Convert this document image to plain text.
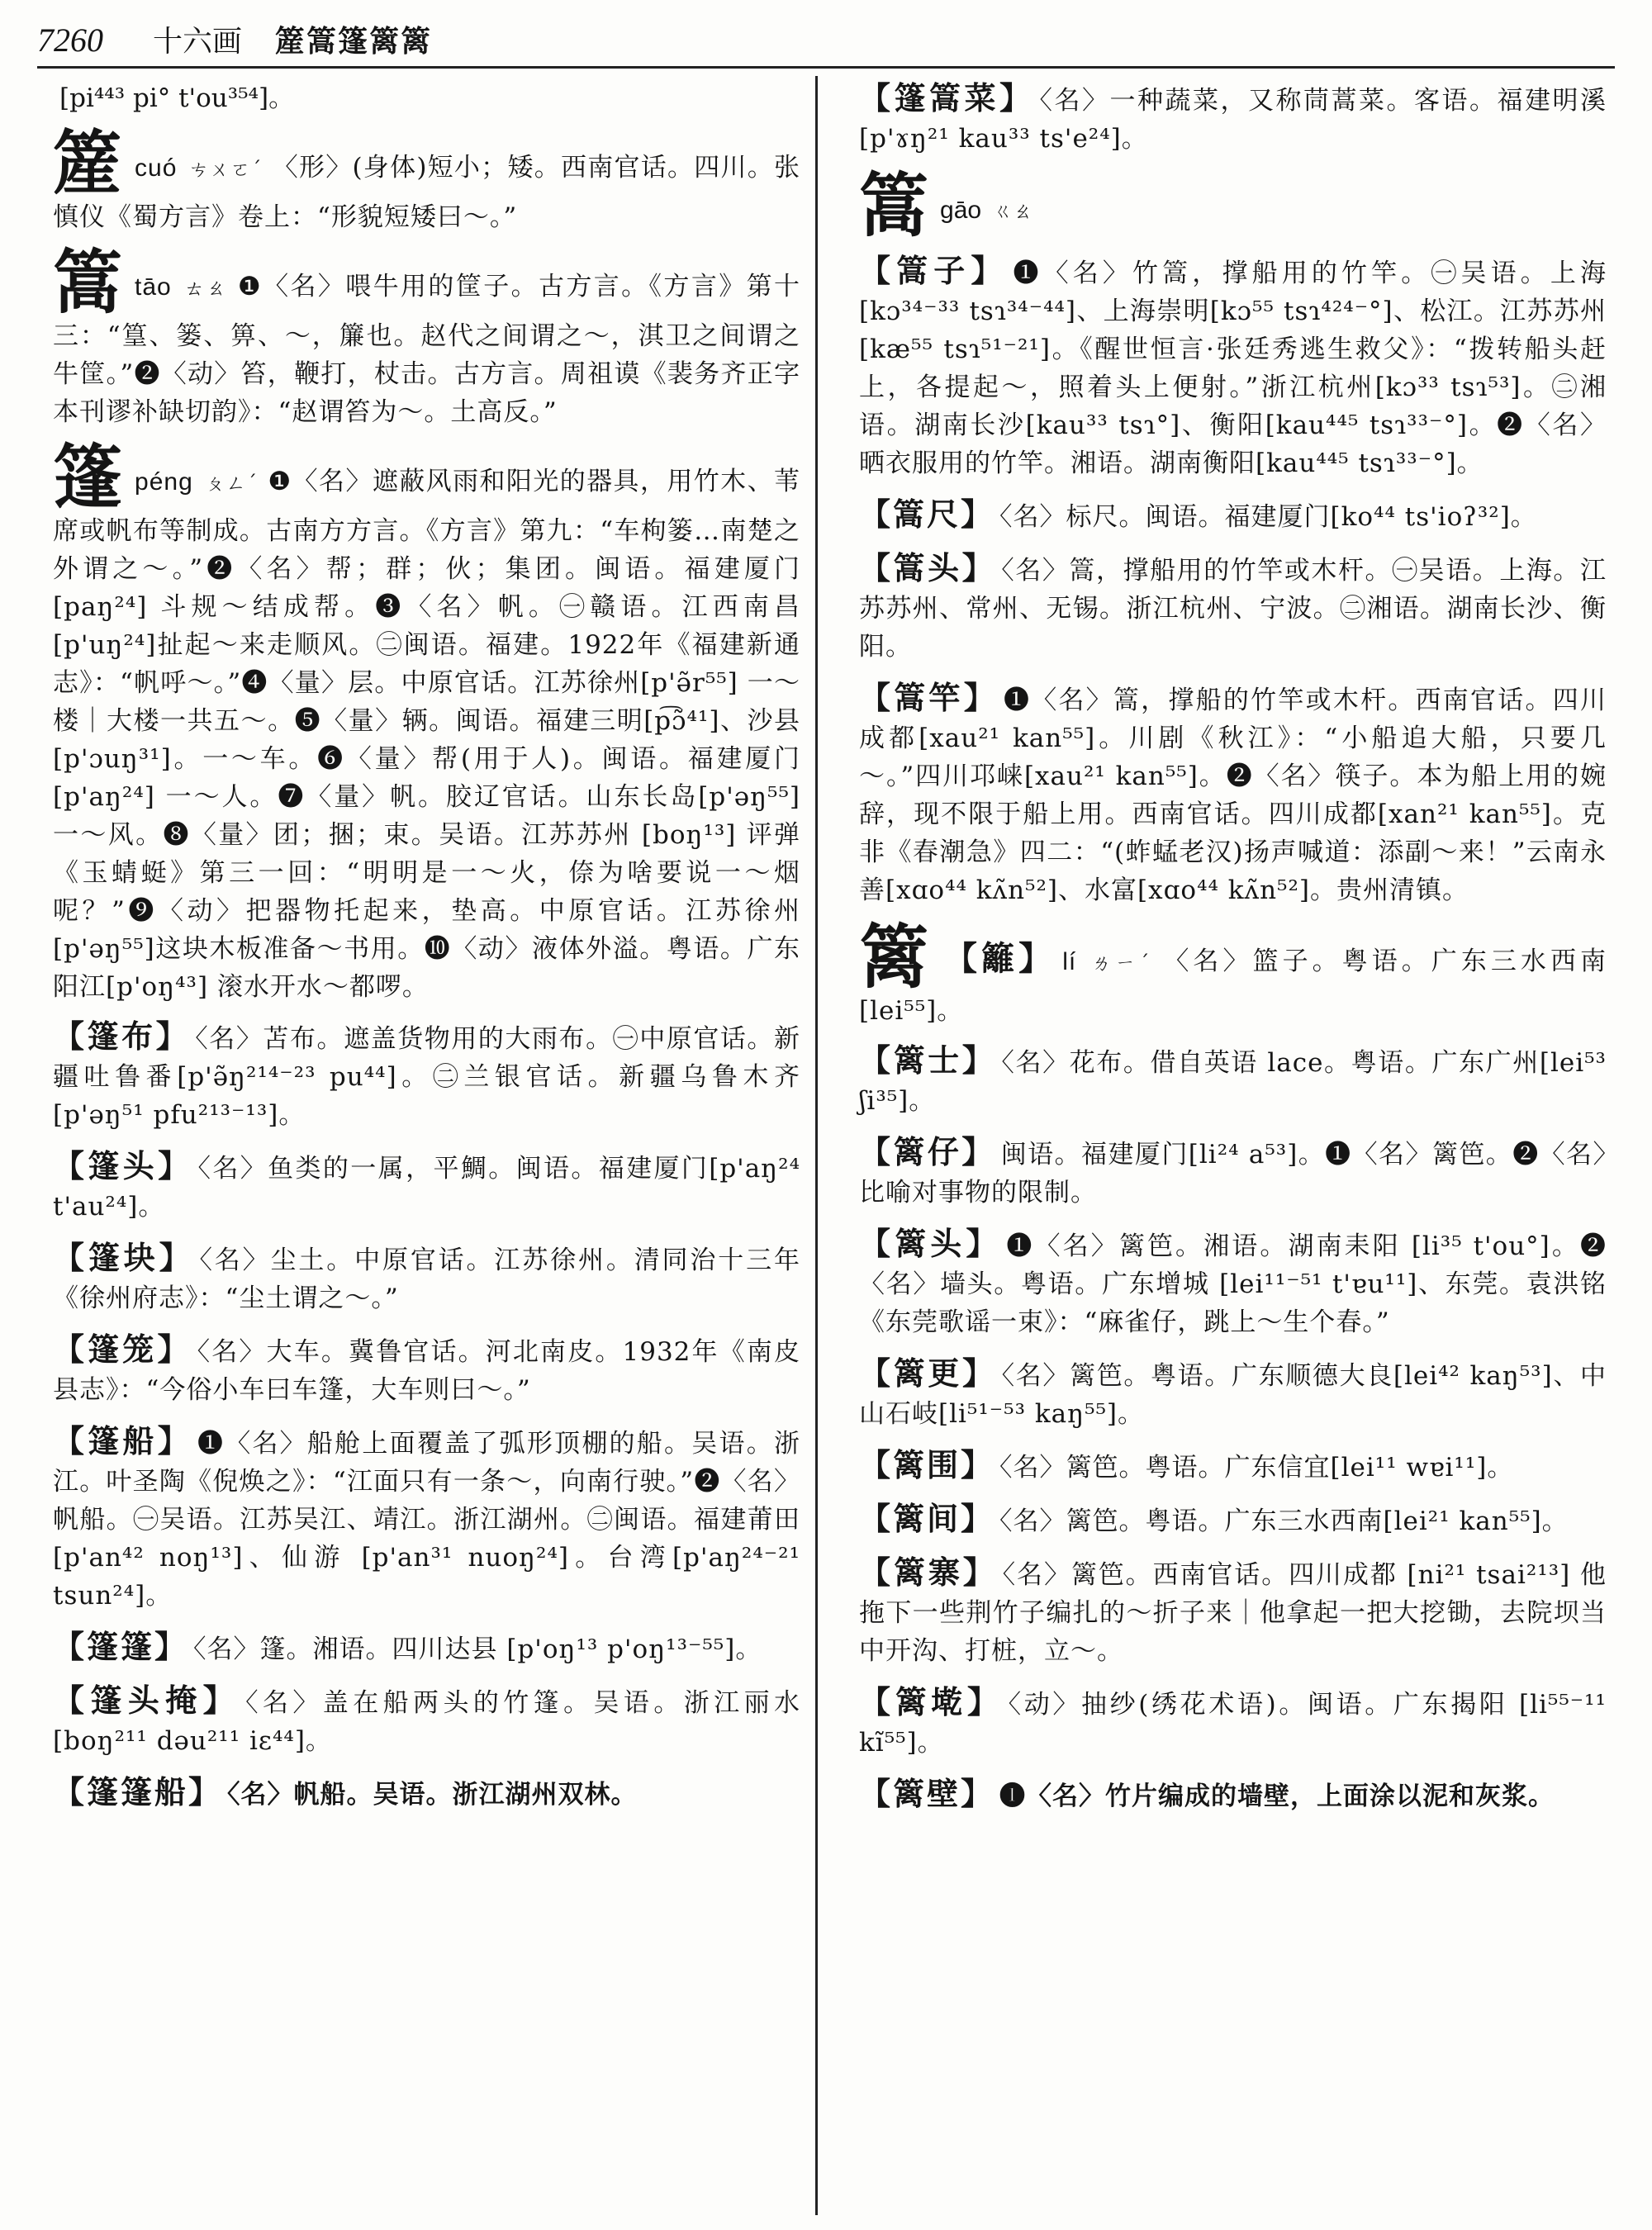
7260 十六画 簅篙篷篱篱
[pi⁴⁴³ pi° t'ou³⁵⁴]。
簅cuó ㄘㄨㄛˊ 〈形〉(身体)短小；矮。西南官话。四川。张慎仪《蜀方言》卷上：“形貌短矮曰～。”
篙tāo ㄊㄠ ❶〈名〉喂牛用的筐子。古方言。《方言》第十三：“篁、篓、箅、～，簾也。赵代之间谓之～，淇卫之间谓之牛筐。”❷〈动〉笞，鞭打，杖击。古方言。周祖谟《裴务齐正字本刊谬补缺切韵》：“赵谓笞为～。土高反。”
篷péng ㄆㄥˊ ❶〈名〉遮蔽风雨和阳光的器具，用竹木、苇席或帆布等制成。古南方方言。《方言》第九：“车枸篓…南楚之外谓之～。”❷〈名〉帮；群；伙；集团。闽语。福建厦门[paŋ²⁴] 斗规～结成帮。❸〈名〉帆。㊀赣语。江西南昌[p'uŋ²⁴]扯起～来走顺风。㊁闽语。福建。1922年《福建新通志》：“帆呼～。”❹〈量〉层。中原官话。江苏徐州[p'ə̃r⁵⁵] 一～楼｜大楼一共五～。❺〈量〉辆。闽语。福建三明[p͡ɔ̃⁴¹]、沙县 [p'ɔuŋ³¹]。一～车。❻〈量〉帮(用于人)。闽语。福建厦门 [p'aŋ²⁴] 一～人。❼〈量〉帆。胶辽官话。山东长岛[p'əŋ⁵⁵] 一～风。❽〈量〉团；捆；束。吴语。江苏苏州 [boŋ¹³] 评弹《玉蜻蜓》第三一回：“明明是一～火，倷为啥要说一～烟呢？”❾〈动〉把器物托起来，垫高。中原官话。江苏徐州[p'əŋ⁵⁵]这块木板准备～书用。❿〈动〉液体外溢。粤语。广东阳江[p'oŋ⁴³] 滚水开水～都啰。
【篷布】 〈名〉苫布。遮盖货物用的大雨布。㊀中原官话。新疆吐鲁番[p'ə̃ŋ²¹⁴⁻²³ pu⁴⁴]。㊁兰银官话。新疆乌鲁木齐[p'əŋ⁵¹ pfu²¹³⁻¹³]。
【篷头】 〈名〉鱼类的一属，平鯛。闽语。福建厦门[p'aŋ²⁴ t'au²⁴]。
【篷块】 〈名〉尘土。中原官话。江苏徐州。清同治十三年《徐州府志》：“尘土谓之～。”
【篷笼】 〈名〉大车。冀鲁官话。河北南皮。1932年《南皮县志》：“今俗小车曰车篷，大车则曰～。”
【篷船】 ❶〈名〉船舱上面覆盖了弧形顶棚的船。吴语。浙江。叶圣陶《倪焕之》：“江面只有一条～，向南行驶。”❷〈名〉帆船。㊀吴语。江苏吴江、靖江。浙江湖州。㊁闽语。福建莆田[p'an⁴² noŋ¹³]、仙游 [p'an³¹ nuoŋ²⁴]。台湾[p'aŋ²⁴⁻²¹ tsun²⁴]。
【篷篷】 〈名〉篷。湘语。四川达县 [p'oŋ¹³ p'oŋ¹³⁻⁵⁵]。
【篷头掩】 〈名〉盖在船两头的竹篷。吴语。浙江丽水[boŋ²¹¹ dəu²¹¹ iɛ⁴⁴]。
【篷篷船】 〈名〉帆船。吴语。浙江湖州双林。
【篷篙菜】 〈名〉一种蔬菜，又称茼蒿菜。客语。福建明溪 [p'ɤŋ²¹ kau³³ ts'e²⁴]。
篙gāo ㄍㄠ
【篙子】 ❶〈名〉竹篙，撑船用的竹竿。㊀吴语。上海[kɔ³⁴⁻³³ tsɿ³⁴⁻⁴⁴]、上海崇明[kɔ⁵⁵ tsɿ⁴²⁴⁻°]、松江。江苏苏州[kæ⁵⁵ tsɿ⁵¹⁻²¹]。《醒世恒言·张廷秀逃生救父》：“拨转船头赶上，各提起～，照着头上便射。”浙江杭州[kɔ³³ tsɿ⁵³]。㊁湘语。湖南长沙[kau³³ tsɿ°]、衡阳[kau⁴⁴⁵ tsɿ³³⁻°]。❷〈名〉晒衣服用的竹竿。湘语。湖南衡阳[kau⁴⁴⁵ tsɿ³³⁻°]。
【篙尺】 〈名〉标尺。闽语。福建厦门[ko⁴⁴ ts'ioʔ³²]。
【篙头】 〈名〉篙，撑船用的竹竿或木杆。㊀吴语。上海。江苏苏州、常州、无锡。浙江杭州、宁波。㊁湘语。湖南长沙、衡阳。
【篙竿】 ❶〈名〉篙，撑船的竹竿或木杆。西南官话。四川成都[xau²¹ kan⁵⁵]。川剧《秋江》：“小船追大船，只要几～。”四川邛崃[xau²¹ kan⁵⁵]。❷〈名〉筷子。本为船上用的婉辞，现不限于船上用。西南官话。四川成都[xan²¹ kan⁵⁵]。克非《春潮急》四二：“(蚱蜢老汉)扬声喊道：添副～来！”云南永善[xɑo⁴⁴ kʌ̃n⁵²]、水富[xɑo⁴⁴ kʌ̃n⁵²]。贵州清镇。
篱 【籬】 lí ㄌㄧˊ 〈名〉篮子。粤语。广东三水西南[lei⁵⁵]。
【篱士】 〈名〉花布。借自英语 lace。粤语。广东广州[lei⁵³ ʃi³⁵]。
【篱仔】 闽语。福建厦门[li²⁴ a⁵³]。❶〈名〉篱笆。❷〈名〉比喻对事物的限制。
【篱头】 ❶〈名〉篱笆。湘语。湖南耒阳 [li³⁵ t'ou°]。❷〈名〉墙头。粤语。广东增城 [lei¹¹⁻⁵¹ t'ɐu¹¹]、东莞。袁洪铭《东莞歌谣一束》：“麻雀仔，跳上～生个春。”
【篱更】 〈名〉篱笆。粤语。广东顺德大良[lei⁴² kaŋ⁵³]、中山石岐[li⁵¹⁻⁵³ kaŋ⁵⁵]。
【篱围】 〈名〉篱笆。粤语。广东信宜[lei¹¹ wɐi¹¹]。
【篱间】 〈名〉篱笆。粤语。广东三水西南[lei²¹ kan⁵⁵]。
【篱寨】 〈名〉篱笆。西南官话。四川成都 [ni²¹ tsai²¹³] 他拖下一些荆竹子编扎的～折子来｜他拿起一把大挖锄，去院坝当中开沟、打桩，立～。
【篱墘】 〈动〉抽纱(绣花术语)。闽语。广东揭阳 [li⁵⁵⁻¹¹ kĩ⁵⁵]。
【篱壁】 ❶〈名〉竹片编成的墙壁，上面涂以泥和灰浆。
